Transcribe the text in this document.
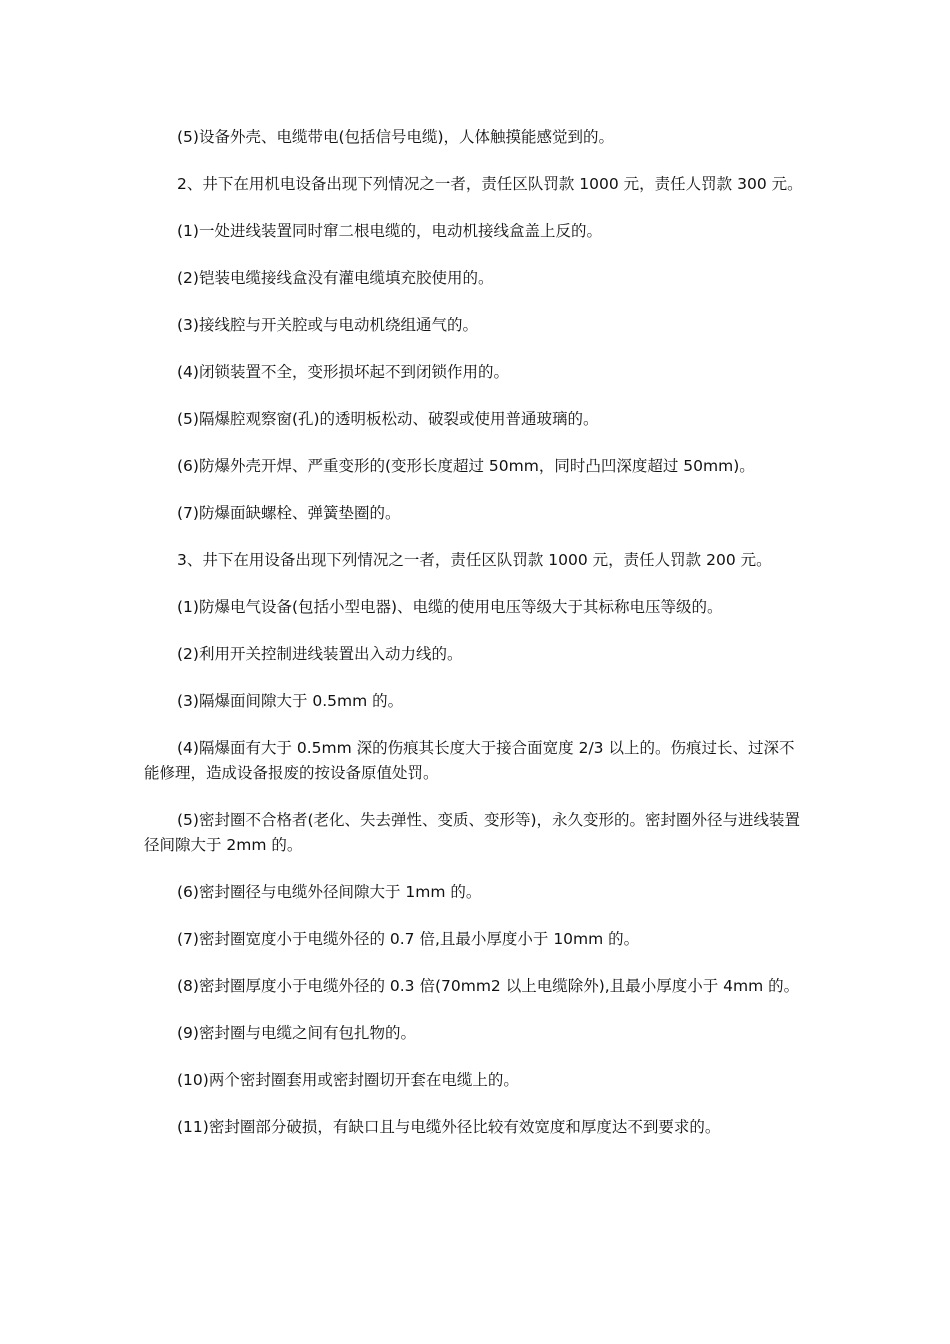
(5)设备外壳、电缆带电(包括信号电缆)，人体触摸能感觉到的。

2、井下在用机电设备出现下列情况之一者，责任区队罚款 1000 元，责任人罚款 300 元。

(1)一处进线装置同时窜二根电缆的，电动机接线盒盖上反的。

(2)铠装电缆接线盒没有灌电缆填充胶使用的。

(3)接线腔与开关腔或与电动机绕组通气的。

(4)闭锁装置不全，变形损坏起不到闭锁作用的。

(5)隔爆腔观察窗(孔)的透明板松动、破裂或使用普通玻璃的。

(6)防爆外壳开焊、严重变形的(变形长度超过 50mm，同时凸凹深度超过 50mm)。

(7)防爆面缺螺栓、弹簧垫圈的。

3、井下在用设备出现下列情况之一者，责任区队罚款 1000 元，责任人罚款 200 元。

(1)防爆电气设备(包括小型电器)、电缆的使用电压等级大于其标称电压等级的。

(2)利用开关控制进线装置出入动力线的。

(3)隔爆面间隙大于 0.5mm 的。

(4)隔爆面有大于 0.5mm 深的伤痕其长度大于接合面宽度 2/3 以上的。伤痕过长、过深不能修理，造成设备报废的按设备原值处罚。

(5)密封圈不合格者(老化、失去弹性、变质、变形等)，永久变形的。密封圈外径与进线装置径间隙大于 2mm 的。

(6)密封圈径与电缆外径间隙大于 1mm 的。

(7)密封圈宽度小于电缆外径的 0.7 倍,且最小厚度小于 10mm 的。

(8)密封圈厚度小于电缆外径的 0.3 倍(70mm2 以上电缆除外),且最小厚度小于 4mm 的。

(9)密封圈与电缆之间有包扎物的。

(10)两个密封圈套用或密封圈切开套在电缆上的。

(11)密封圈部分破损，有缺口且与电缆外径比较有效宽度和厚度达不到要求的。
